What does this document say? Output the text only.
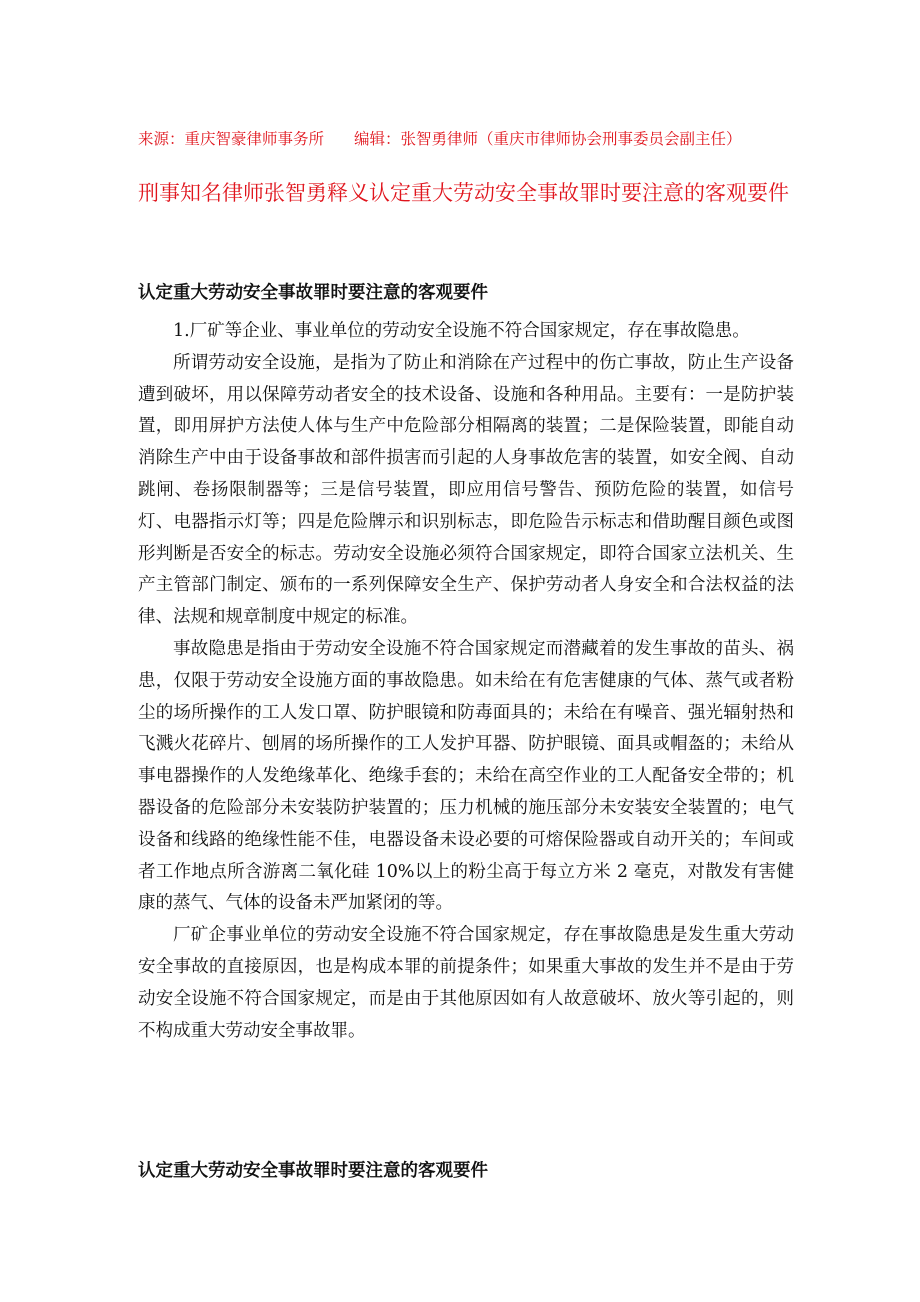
来源：重庆智豪律师事务所 编辑：张智勇律师（重庆市律师协会刑事委员会副主任）
刑事知名律师张智勇释义认定重大劳动安全事故罪时要注意的客观要件
认定重大劳动安全事故罪时要注意的客观要件

1.厂矿等企业、事业单位的劳动安全设施不符合国家规定，存在事故隐患。

所谓劳动安全设施，是指为了防止和消除在产过程中的伤亡事故，防止生产设备遭到破坏，用以保障劳动者安全的技术设备、设施和各种用品。主要有：一是防护装置，即用屏护方法使人体与生产中危险部分相隔离的装置；二是保险装置，即能自动消除生产中由于设备事故和部件损害而引起的人身事故危害的装置，如安全阀、自动跳闸、卷扬限制器等；三是信号装置，即应用信号警告、预防危险的装置，如信号灯、电器指示灯等；四是危险牌示和识别标志，即危险告示标志和借助醒目颜色或图形判断是否安全的标志。劳动安全设施必须符合国家规定，即符合国家立法机关、生产主管部门制定、颁布的一系列保障安全生产、保护劳动者人身安全和合法权益的法律、法规和规章制度中规定的标准。

事故隐患是指由于劳动安全设施不符合国家规定而潜藏着的发生事故的苗头、祸患，仅限于劳动安全设施方面的事故隐患。如未给在有危害健康的气体、蒸气或者粉尘的场所操作的工人发口罩、防护眼镜和防毒面具的；未给在有噪音、强光辐射热和飞溅火花碎片、刨屑的场所操作的工人发护耳器、防护眼镜、面具或帽盔的；未给从事电器操作的人发绝缘革化、绝缘手套的；未给在高空作业的工人配备安全带的；机器设备的危险部分未安装防护装置的；压力机械的施压部分未安装安全装置的；电气设备和线路的绝缘性能不佳，电器设备未设必要的可熔保险器或自动开关的；车间或者工作地点所含游离二氧化硅 10%以上的粉尘高于每立方米 2 毫克，对散发有害健康的蒸气、气体的设备未严加紧闭的等。

厂矿企事业单位的劳动安全设施不符合国家规定，存在事故隐患是发生重大劳动安全事故的直接原因，也是构成本罪的前提条件；如果重大事故的发生并不是由于劳动安全设施不符合国家规定，而是由于其他原因如有人故意破坏、放火等引起的，则不构成重大劳动安全事故罪。

认定重大劳动安全事故罪时要注意的客观要件
